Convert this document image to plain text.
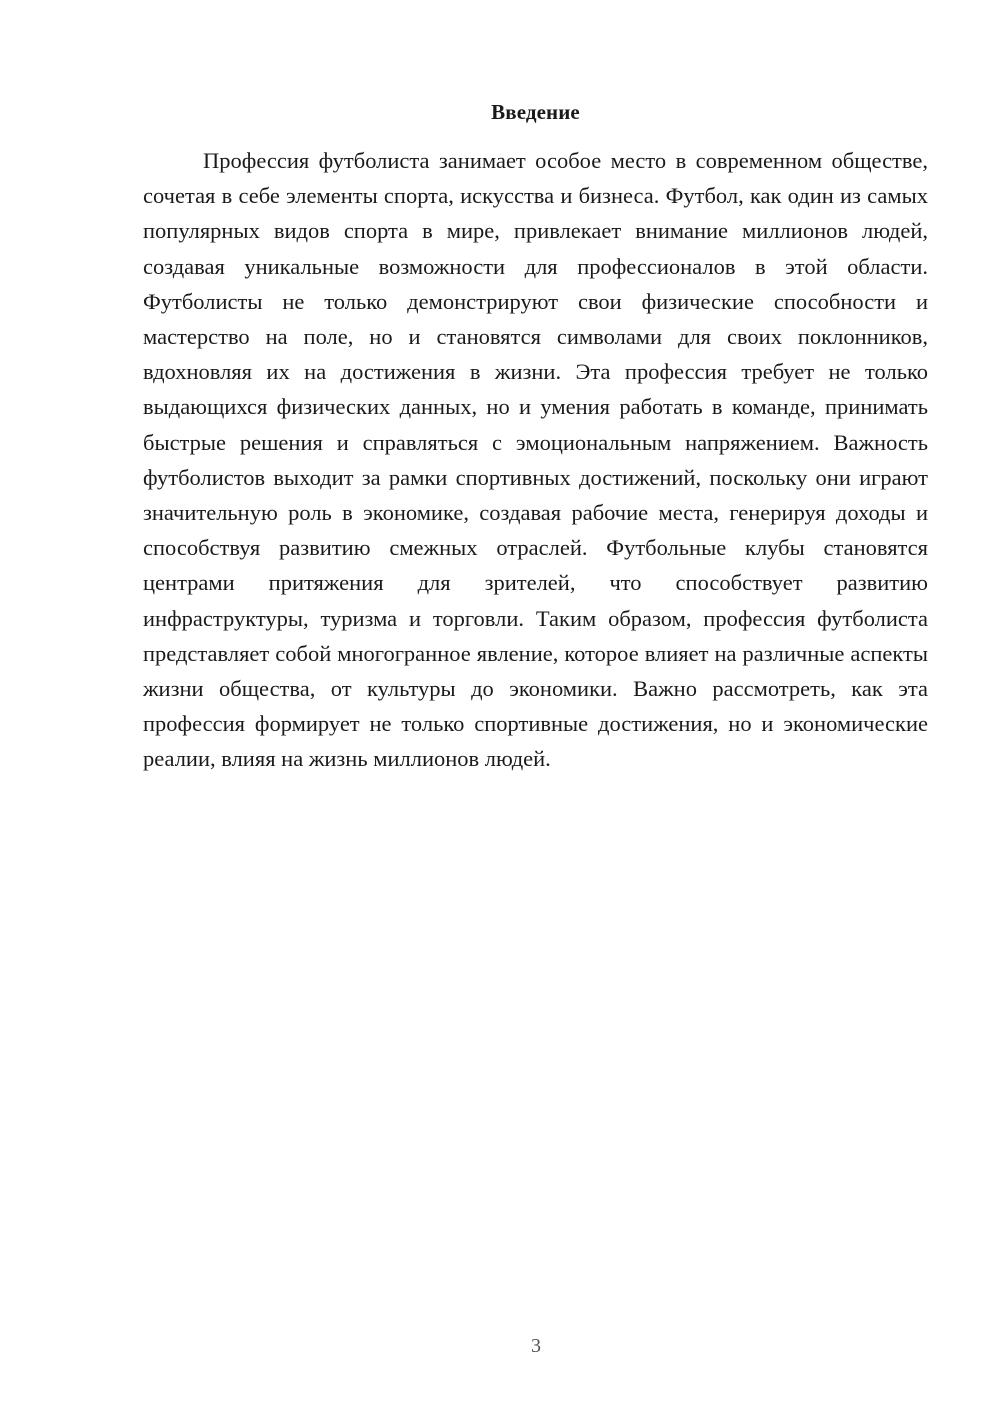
Введение

Профессия футболиста занимает особое место в современном обществе, сочетая в себе элементы спорта, искусства и бизнеса. Футбол, как один из самых популярных видов спорта в мире, привлекает внимание миллионов людей, создавая уникальные возможности для профессионалов в этой области. Футболисты не только демонстрируют свои физические способности и мастерство на поле, но и становятся символами для своих поклонников, вдохновляя их на достижения в жизни. Эта профессия требует не только выдающихся физических данных, но и умения работать в команде, принимать быстрые решения и справляться с эмоциональным напряжением. Важность футболистов выходит за рамки спортивных достижений, поскольку они играют значительную роль в экономике, создавая рабочие места, генерируя доходы и способствуя развитию смежных отраслей. Футбольные клубы становятся центрами притяжения для зрителей, что способствует развитию инфраструктуры, туризма и торговли. Таким образом, профессия футболиста представляет собой многогранное явление, которое влияет на различные аспекты жизни общества, от культуры до экономики. Важно рассмотреть, как эта профессия формирует не только спортивные достижения, но и экономические реалии, влияя на жизнь миллионов людей.

3
